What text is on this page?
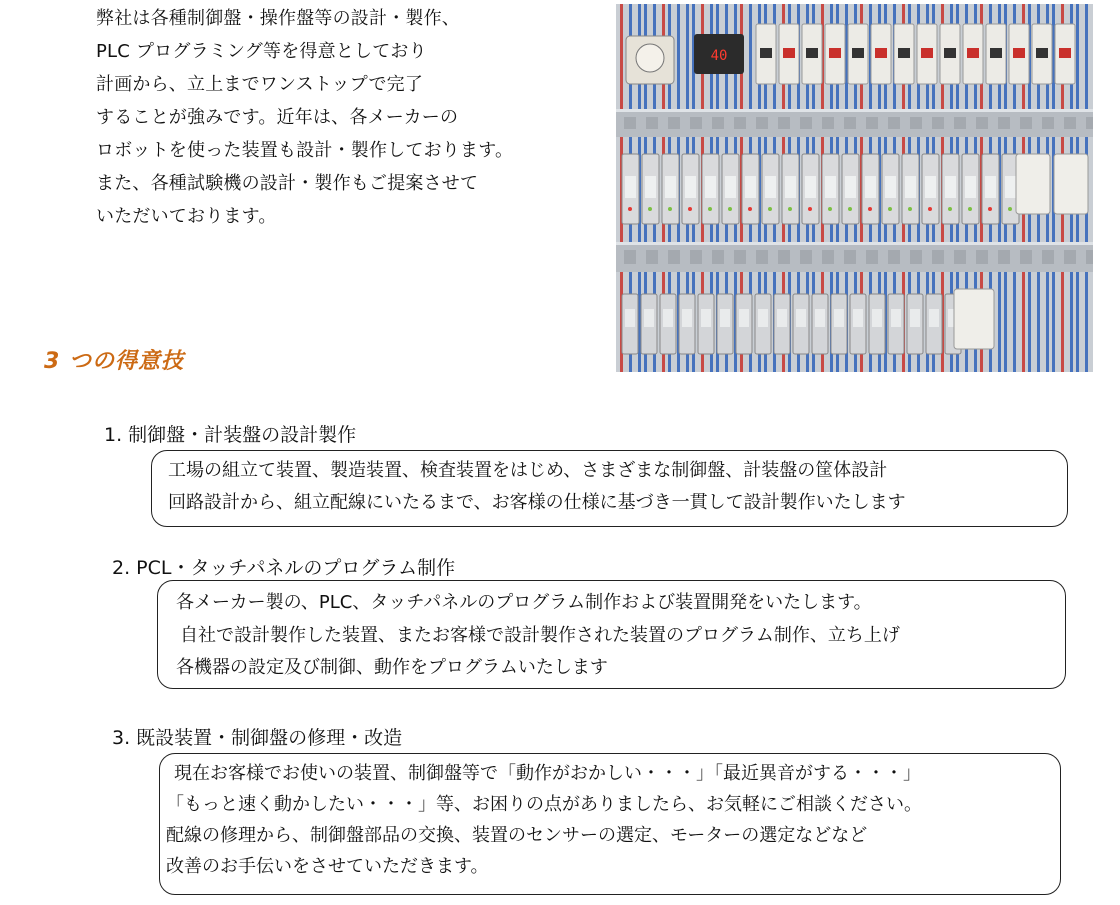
弊社は各種制御盤・操作盤等の設計・製作、

PLC プログラミング等を得意としており

計画から、立上までワンストップで完了

することが強みです。近年は、各メーカーの

ロボットを使った装置も設計・製作しております。

また、各種試験機の設計・製作もご提案させて

いただいております。

40
3 つの得意技
1. 制御盤・計装盤の設計製作

工場の組立て装置、製造装置、検査装置をはじめ、さまざまな制御盤、計装盤の筐体設計

回路設計から、組立配線にいたるまで、お客様の仕様に基づき一貫して設計製作いたします

2. PCL・タッチパネルのプログラム制作

各メーカー製の、PLC、タッチパネルのプログラム制作および装置開発をいたします。

自社で設計製作した装置、またお客様で設計製作された装置のプログラム制作、立ち上げ

各機器の設定及び制御、動作をプログラムいたします

3. 既設装置・制御盤の修理・改造

現在お客様でお使いの装置、制御盤等で「動作がおかしい・・・」「最近異音がする・・・」

「もっと速く動かしたい・・・」等、お困りの点がありましたら、お気軽にご相談ください。

配線の修理から、制御盤部品の交換、装置のセンサーの選定、モーターの選定などなど

改善のお手伝いをさせていただきます。
